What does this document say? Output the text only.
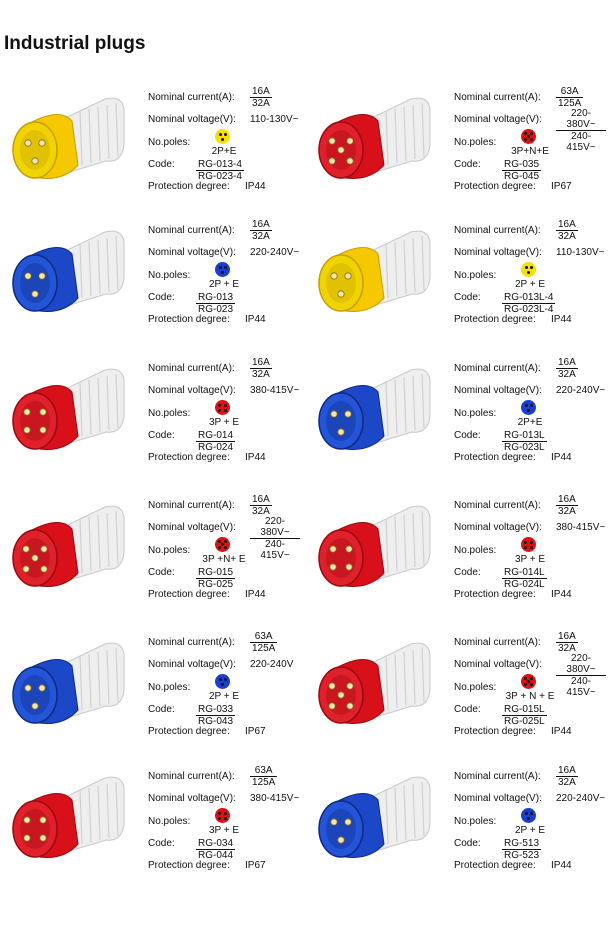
Industrial plugs
Nominal current(A):
Nominal voltage(V):
No.poles:
Code:
Protection degree:
$\frac{16A}{32A}$
110-130V~
2P+E
$\frac{RG-013-4}{RG-023-4}$
IP44
Nominal current(A):
Nominal voltage(V):
No.poles:
Code:
Protection degree:
$\frac{63A}{125A}$
$\frac{220-380V\sim}{240-415V\sim}$
3P+N+E
$\frac{RG-035}{RG-045}$
IP67
Nominal current(A):
Nominal voltage(V):
No.poles:
Code:
Protection degree:
$\frac{16A}{32A}$
220-240V~
2P + E
$\frac{RG-013}{RG-023}$
IP44
Nominal current(A):
Nominal voltage(V):
No.poles:
Code:
Protection degree:
$\frac{16A}{32A}$
110-130V~
2P + E
$\frac{RG-013L-4}{RG-023L-4}$
IP44
Nominal current(A):
Nominal voltage(V):
No.poles:
Code:
Protection degree:
$\frac{16A}{32A}$
380-415V~
3P + E
$\frac{RG-014}{RG-024}$
IP44
Nominal current(A):
Nominal voltage(V):
No.poles:
Code:
Protection degree:
$\frac{16A}{32A}$
220-240V~
2P+E
$\frac{RG-013L}{RG-023L}$
IP44
Nominal current(A):
Nominal voltage(V):
No.poles:
Code:
Protection degree:
$\frac{16A}{32A}$
$\frac{220-380V\sim}{240-415V\sim}$
3P +N+ E
$\frac{RG-015}{RG-025}$
IP44
Nominal current(A):
Nominal voltage(V):
No.poles:
Code:
Protection degree:
$\frac{16A}{32A}$
380-415V~
3P + E
$\frac{RG-014L}{RG-024L}$
IP44
Nominal current(A):
Nominal voltage(V):
No.poles:
Code:
Protection degree:
$\frac{63A}{125A}$
220-240V
2P + E
$\frac{RG-033}{RG-043}$
IP67
Nominal current(A):
Nominal voltage(V):
No.poles:
Code:
Protection degree:
$\frac{16A}{32A}$
$\frac{220-380V\sim}{240-415V\sim}$
3P + N + E
$\frac{RG-015L}{RG-025L}$
IP44
Nominal current(A):
Nominal voltage(V):
No.poles:
Code:
Protection degree:
$\frac{63A}{125A}$
380-415V~
3P + E
$\frac{RG-034}{RG-044}$
IP67
Nominal current(A):
Nominal voltage(V):
No.poles:
Code:
Protection degree:
$\frac{16A}{32A}$
220-240V~
2P + E
$\frac{RG-513}{RG-523}$
IP44
